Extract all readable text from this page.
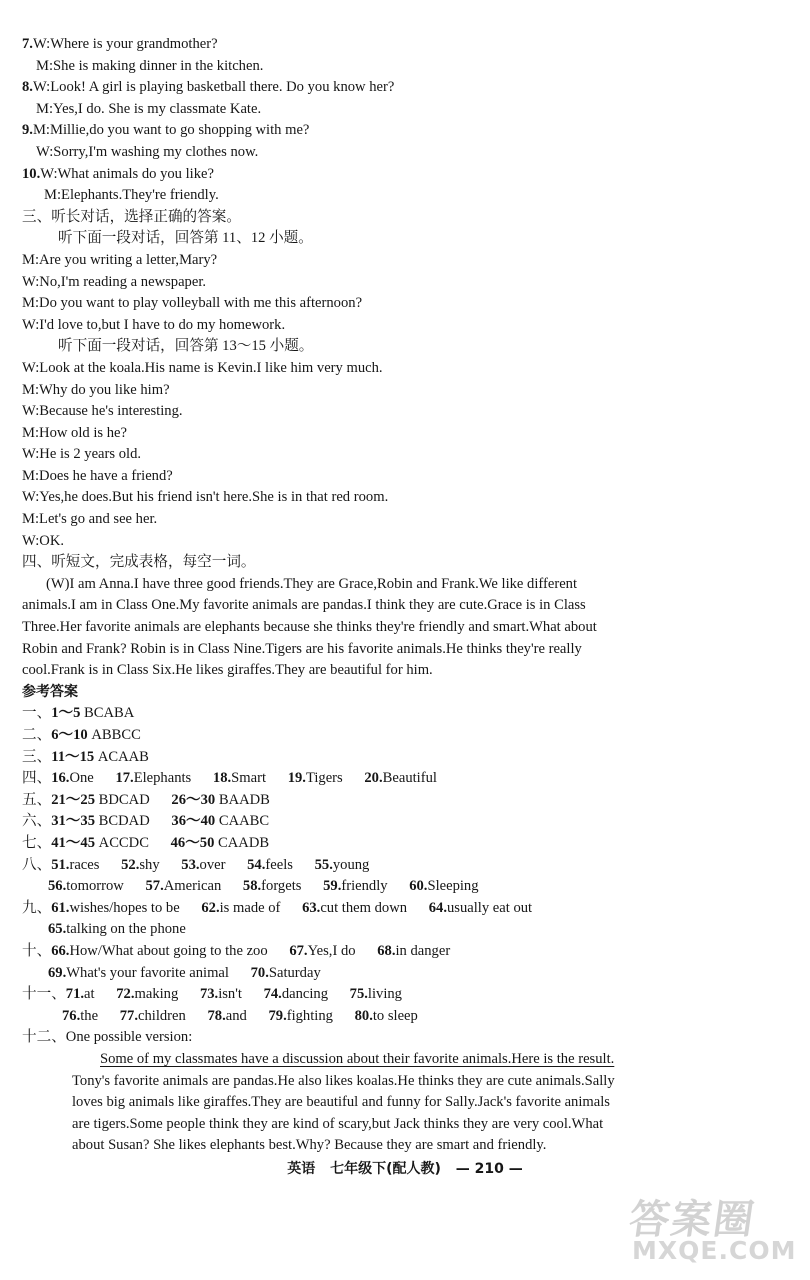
7.W:Where is your grandmother?
M:She is making dinner in the kitchen.
8.W:Look! A girl is playing basketball there. Do you know her?
M:Yes,I do. She is my classmate Kate.
9.M:Millie,do you want to go shopping with me?
W:Sorry,I'm washing my clothes now.
10.W:What animals do you like?
M:Elephants.They're friendly.
三、听长对话，选择正确的答案。
听下面一段对话，回答第 11、12 小题。
M:Are you writing a letter,Mary?
W:No,I'm reading a newspaper.
M:Do you want to play volleyball with me this afternoon?
W:I'd love to,but I have to do my homework.
听下面一段对话，回答第 13～15 小题。
W:Look at the koala.His name is Kevin.I like him very much.
M:Why do you like him?
W:Because he's interesting.
M:How old is he?
W:He is 2 years old.
M:Does he have a friend?
W:Yes,he does.But his friend isn't here.She is in that red room.
M:Let's go and see her.
W:OK.
四、听短文，完成表格，每空一词。
(W)I am Anna.I have three good friends.They are Grace,Robin and Frank.We like different
animals.I am in Class One.My favorite animals are pandas.I think they are cute.Grace is in Class
Three.Her favorite animals are elephants because she thinks they're friendly and smart.What about
Robin and Frank? Robin is in Class Nine.Tigers are his favorite animals.He thinks they're really
cool.Frank is in Class Six.He likes giraffes.They are beautiful for him.
参考答案
一、1～5 BCABA
二、6～10 ABBCC
三、11～15 ACAAB
四、16.One 17.Elephants 18.Smart 19.Tigers 20.Beautiful
五、21～25 BDCAD 26～30 BAADB
六、31～35 BCDAD 36～40 CAABC
七、41～45 ACCDC 46～50 CAADB
八、51.races 52.shy 53.over 54.feels 55.young
56.tomorrow 57.American 58.forgets 59.friendly 60.Sleeping
九、61.wishes/hopes to be 62.is made of 63.cut them down 64.usually eat out
65.talking on the phone
十、66.How/What about going to the zoo 67.Yes,I do 68.in danger
69.What's your favorite animal 70.Saturday
十一、71.at 72.making 73.isn't 74.dancing 75.living
76.the 77.children 78.and 79.fighting 80.to sleep
十二、One possible version:
Some of my classmates have a discussion about their favorite animals.Here is the result.
Tony's favorite animals are pandas.He also likes koalas.He thinks they are cute animals.Sally
loves big animals like giraffes.They are beautiful and funny for Sally.Jack's favorite animals
are tigers.Some people think they are kind of scary,but Jack thinks they are very cool.What
about Susan? She likes elephants best.Why? Because they are smart and friendly.
英语 七年级下(配人教) — 210 —
答案圈
MXQE.COM
